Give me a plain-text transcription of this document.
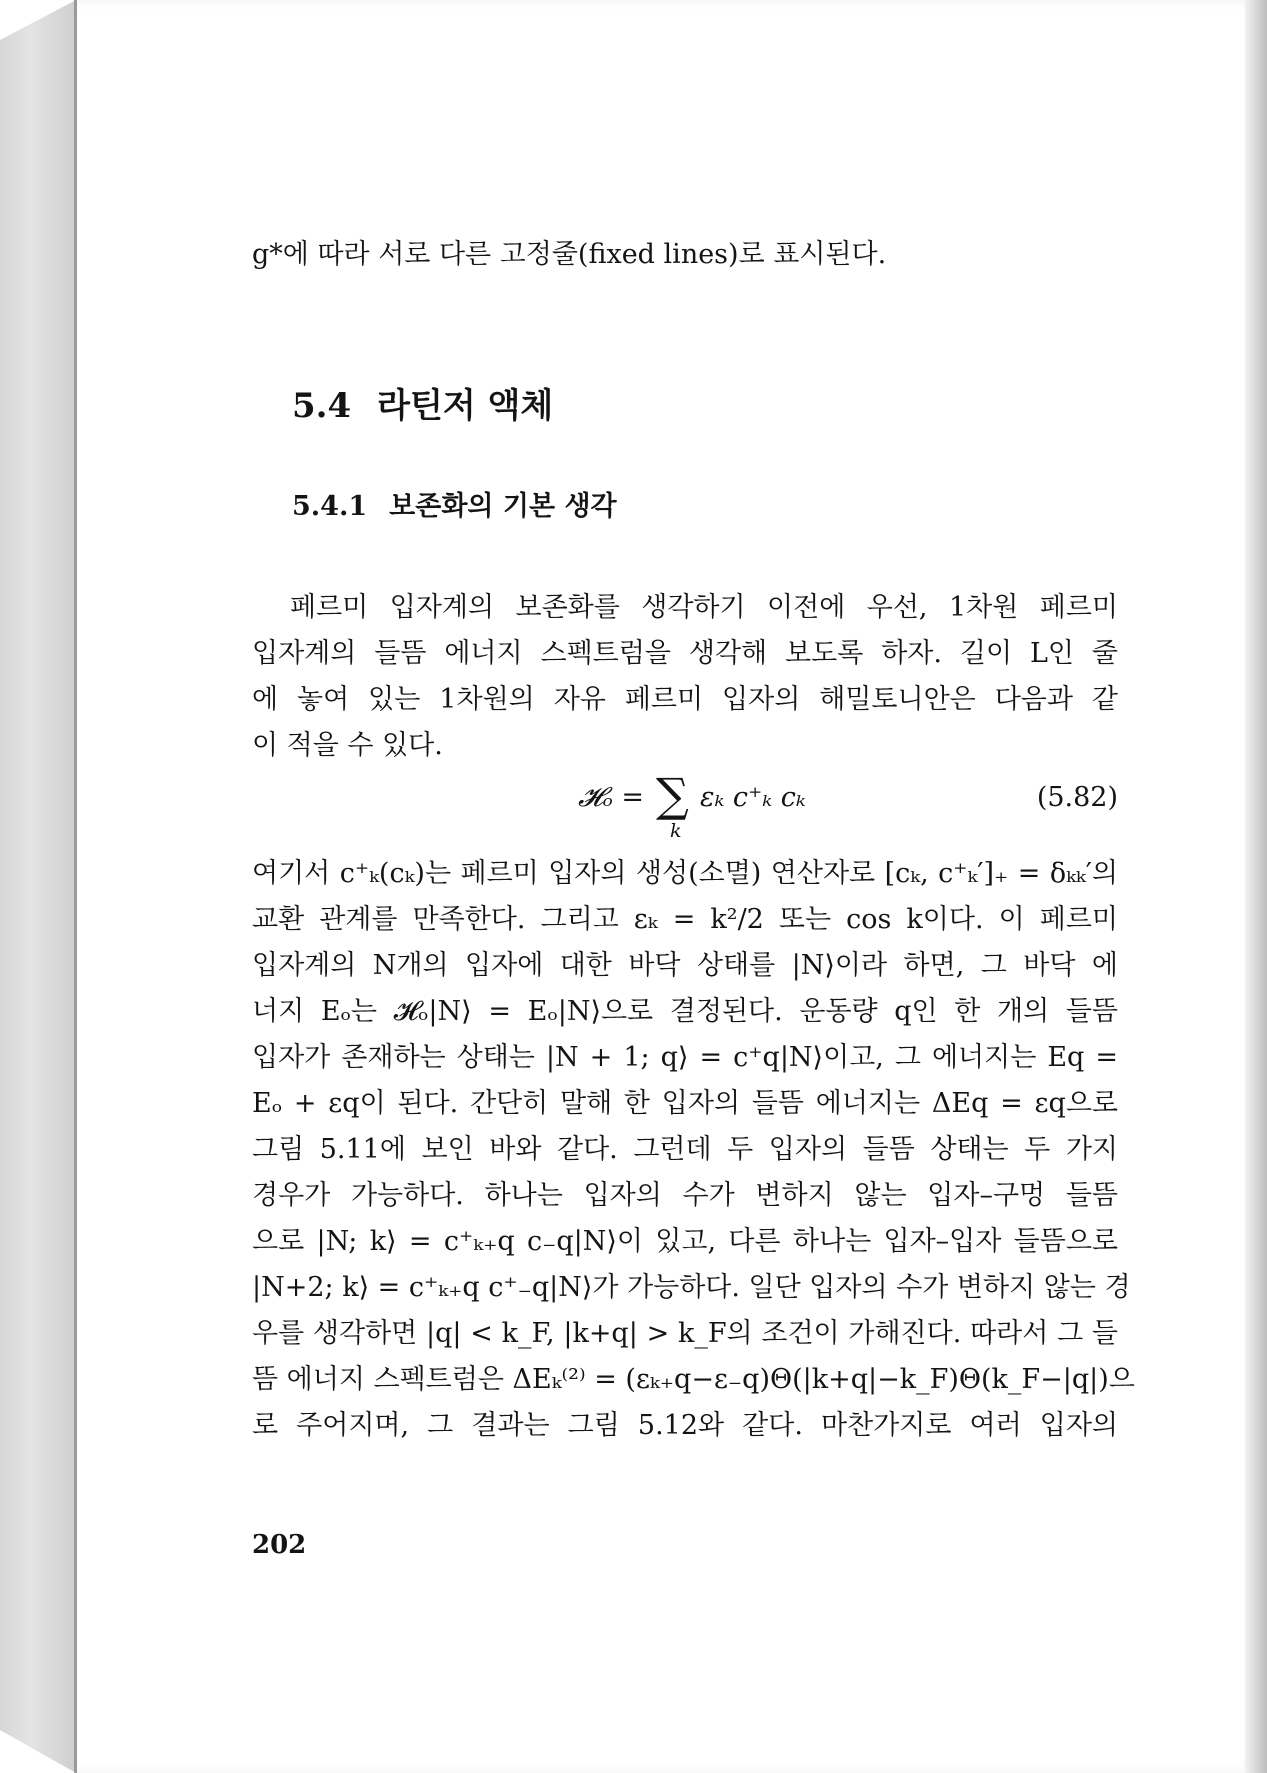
g*에 따라 서로 다른 고정줄(fixed lines)로 표시된다.
5.4 라틴저 액체
5.4.1 보존화의 기본 생각
페르미 입자계의 보존화를 생각하기 이전에 우선, 1차원 페르미
입자계의 들뜸 에너지 스펙트럼을 생각해 보도록 하자. 길이 L인 줄
에 놓여 있는 1차원의 자유 페르미 입자의 해밀토니안은 다음과 같
이 적을 수 있다.
𝓗ₒ = ∑
k
εₖ c⁺ₖ cₖ	(5.82)
여기서 c⁺ₖ(cₖ)는 페르미 입자의 생성(소멸) 연산자로 [cₖ, c⁺ₖ′]₊ = δₖₖ′의
교환 관계를 만족한다. 그리고 εₖ = k²/2 또는 cos k이다. 이 페르미
입자계의 N개의 입자에 대한 바닥 상태를 |N⟩이라 하면, 그 바닥 에
너지 Eₒ는 𝓗ₒ|N⟩ = Eₒ|N⟩으로 결정된다. 운동량 q인 한 개의 들뜸
입자가 존재하는 상태는 |N + 1; q⟩ = c⁺q|N⟩이고, 그 에너지는 Eq =
Eₒ + εq이 된다. 간단히 말해 한 입자의 들뜸 에너지는 ΔEq = εq으로
그림 5.11에 보인 바와 같다. 그런데 두 입자의 들뜸 상태는 두 가지
경우가 가능하다. 하나는 입자의 수가 변하지 않는 입자–구멍 들뜸
으로 |N; k⟩ = c⁺ₖ₊q c₋q|N⟩이 있고, 다른 하나는 입자–입자 들뜸으로
|N+2; k⟩ = c⁺ₖ₊q c⁺₋q|N⟩가 가능하다. 일단 입자의 수가 변하지 않는 경
우를 생각하면 |q| < k_F, |k+q| > k_F의 조건이 가해진다. 따라서 그 들
뜸 에너지 스펙트럼은 ΔEₖ⁽²⁾ = (εₖ₊q−ε₋q)Θ(|k+q|−k_F)Θ(k_F−|q|)으
로 주어지며, 그 결과는 그림 5.12와 같다. 마찬가지로 여러 입자의
202
